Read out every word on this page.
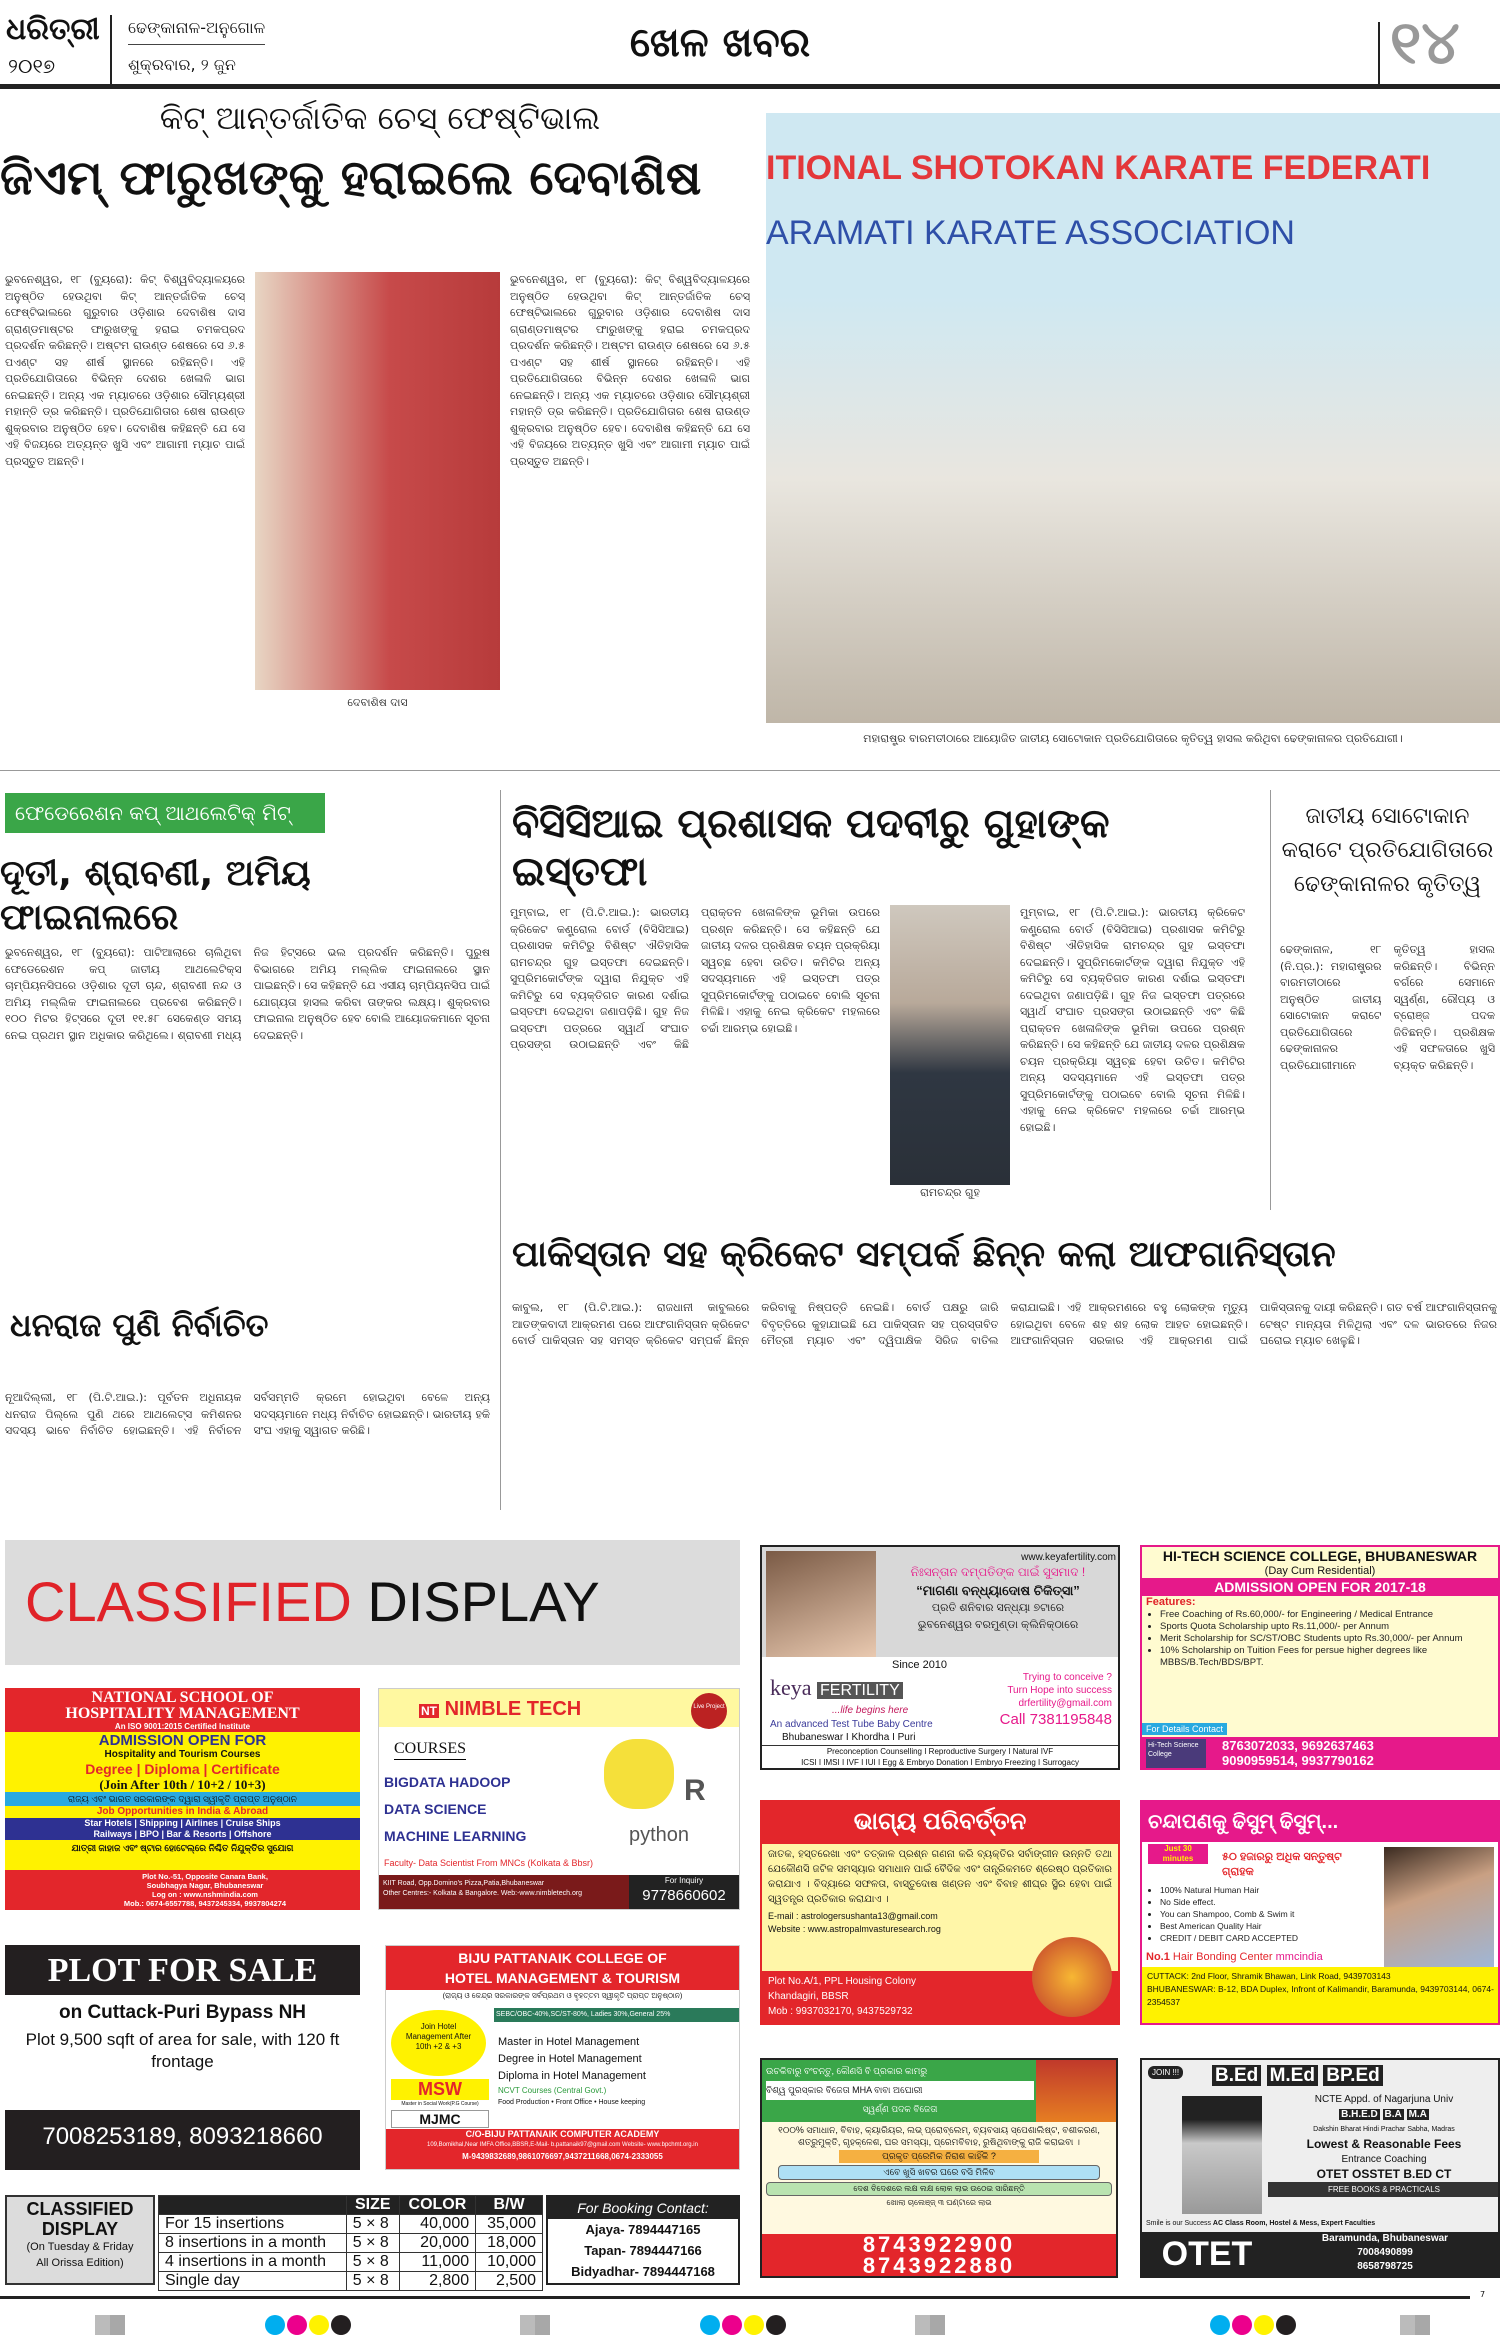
ଧରିତ୍ରୀ
୨୦୧୭
ଢେଙ୍କାନାଳ-ଅନୁଗୋଳ
ଶୁକ୍ରବାର, ୨ ଜୁନ	ଖେଳ ଖବର	୧୪
କିଟ୍ ଆନ୍ତର୍ଜାତିକ ଚେସ୍ ଫେଷ୍ଟିଭାଲ
ଜିଏମ୍ ଫାରୁଖଙ୍କୁ ହରାଇଲେ ଦେବାଶିଷ
ଭୁବନେଶ୍ୱର, ୧୮ (ବ୍ୟୁରୋ): କିଟ୍ ବିଶ୍ୱବିଦ୍ୟାଳୟରେ ଅନୁଷ୍ଠିତ ହେଉଥିବା କିଟ୍ ଆନ୍ତର୍ଜାତିକ ଚେସ୍ ଫେଷ୍ଟିଭାଲରେ ଗୁରୁବାର ଓଡ଼ିଶାର ଦେବାଶିଷ ଦାସ ଗ୍ରାଣ୍ଡମାଷ୍ଟର ଫାରୁଖଙ୍କୁ ହରାଇ ଚମକପ୍ରଦ ପ୍ରଦର୍ଶନ କରିଛନ୍ତି। ଅଷ୍ଟମ ରାଉଣ୍ଡ ଶେଷରେ ସେ ୬.୫ ପଏଣ୍ଟ ସହ ଶୀର୍ଷ ସ୍ଥାନରେ ରହିଛନ୍ତି। ଏହି ପ୍ରତିଯୋଗିତାରେ ବିଭିନ୍ନ ଦେଶର ଖେଳାଳି ଭାଗ ନେଇଛନ୍ତି। ଅନ୍ୟ ଏକ ମ୍ୟାଚରେ ଓଡ଼ିଶାର ସୌମ୍ୟଶ୍ରୀ ମହାନ୍ତି ଡ୍ର କରିଛନ୍ତି। ପ୍ରତିଯୋଗିତାର ଶେଷ ରାଉଣ୍ଡ ଶୁକ୍ରବାର ଅନୁଷ୍ଠିତ ହେବ। ଦେବାଶିଷ କହିଛନ୍ତି ଯେ ସେ ଏହି ବିଜୟରେ ଅତ୍ୟନ୍ତ ଖୁସି ଏବଂ ଆଗାମୀ ମ୍ୟାଚ ପାଇଁ ପ୍ରସ୍ତୁତ ଅଛନ୍ତି।
ଦେବାଶିଷ ଦାସ
ଭୁବନେଶ୍ୱର, ୧୮ (ବ୍ୟୁରୋ): କିଟ୍ ବିଶ୍ୱବିଦ୍ୟାଳୟରେ ଅନୁଷ୍ଠିତ ହେଉଥିବା କିଟ୍ ଆନ୍ତର୍ଜାତିକ ଚେସ୍ ଫେଷ୍ଟିଭାଲରେ ଗୁରୁବାର ଓଡ଼ିଶାର ଦେବାଶିଷ ଦାସ ଗ୍ରାଣ୍ଡମାଷ୍ଟର ଫାରୁଖଙ୍କୁ ହରାଇ ଚମକପ୍ରଦ ପ୍ରଦର୍ଶନ କରିଛନ୍ତି। ଅଷ୍ଟମ ରାଉଣ୍ଡ ଶେଷରେ ସେ ୬.୫ ପଏଣ୍ଟ ସହ ଶୀର୍ଷ ସ୍ଥାନରେ ରହିଛନ୍ତି। ଏହି ପ୍ରତିଯୋଗିତାରେ ବିଭିନ୍ନ ଦେଶର ଖେଳାଳି ଭାଗ ନେଇଛନ୍ତି। ଅନ୍ୟ ଏକ ମ୍ୟାଚରେ ଓଡ଼ିଶାର ସୌମ୍ୟଶ୍ରୀ ମହାନ୍ତି ଡ୍ର କରିଛନ୍ତି। ପ୍ରତିଯୋଗିତାର ଶେଷ ରାଉଣ୍ଡ ଶୁକ୍ରବାର ଅନୁଷ୍ଠିତ ହେବ। ଦେବାଶିଷ କହିଛନ୍ତି ଯେ ସେ ଏହି ବିଜୟରେ ଅତ୍ୟନ୍ତ ଖୁସି ଏବଂ ଆଗାମୀ ମ୍ୟାଚ ପାଇଁ ପ୍ରସ୍ତୁତ ଅଛନ୍ତି।
ITIONAL SHOTOKAN KARATE FEDERATI
ARAMATI KARATE ASSOCIATION
ମହାରାଷ୍ଟ୍ର ବାରମତୀଠାରେ ଆୟୋଜିତ ଜାତୀୟ ସୋଟୋକାନ ପ୍ରତିଯୋଗିତାରେ କୃତିତ୍ୱ ହାସଲ କରିଥିବା ଢେଙ୍କାନାଳର ପ୍ରତିଯୋଗୀ।
ଫେଡେରେଶନ କପ୍ ଆଥଲେଟିକ୍ ମିଟ୍
ଦୂତୀ, ଶ୍ରାବଣୀ, ଅମିୟ ଫାଇନାଲରେ
ଭୁବନେଶ୍ୱର, ୧୮ (ବ୍ୟୁରୋ): ପାଟିଆଲାରେ ଚାଲିଥିବା ଫେଡେରେଶନ କପ୍ ଜାତୀୟ ଆଥଲେଟିକ୍ସ ଚାମ୍ପିୟନସିପରେ ଓଡ଼ିଶାର ଦୂତୀ ଚାନ୍ଦ, ଶ୍ରାବଣୀ ନନ୍ଦ ଓ ଅମିୟ ମଲ୍ଲିକ ଫାଇନାଲରେ ପ୍ରବେଶ କରିଛନ୍ତି। ୧୦୦ ମିଟର ହିଟ୍ସରେ ଦୂତୀ ୧୧.୫୮ ସେକେଣ୍ଡ ସମୟ ନେଇ ପ୍ରଥମ ସ୍ଥାନ ଅଧିକାର କରିଥିଲେ। ଶ୍ରାବଣୀ ମଧ୍ୟ ନିଜ ହିଟ୍ସରେ ଭଲ ପ୍ରଦର୍ଶନ କରିଛନ୍ତି। ପୁରୁଷ ବିଭାଗରେ ଅମିୟ ମଲ୍ଲିକ ଫାଇନାଲରେ ସ୍ଥାନ ପାଇଛନ୍ତି। ସେ କହିଛନ୍ତି ଯେ ଏସୀୟ ଚାମ୍ପିୟନସିପ ପାଇଁ ଯୋଗ୍ୟତା ହାସଲ କରିବା ତାଙ୍କର ଲକ୍ଷ୍ୟ। ଶୁକ୍ରବାର ଫାଇନାଲ ଅନୁଷ୍ଠିତ ହେବ ବୋଲି ଆୟୋଜକମାନେ ସୂଚନା ଦେଇଛନ୍ତି।
ଧନରାଜ ପୁଣି ନିର୍ବାଚିତ
ନୂଆଦିଲ୍ଲୀ, ୧୮ (ପି.ଟି.ଆଇ.): ପୂର୍ବତନ ଅଧିନାୟକ ଧନରାଜ ପିଲ୍ଲେ ପୁଣି ଥରେ ଆଥଲେଟ୍ସ କମିଶନର ସଦସ୍ୟ ଭାବେ ନିର୍ବାଚିତ ହୋଇଛନ୍ତି। ଏହି ନିର୍ବାଚନ ସର୍ବସମ୍ମତି କ୍ରମେ ହୋଇଥିବା ବେଳେ ଅନ୍ୟ ସଦସ୍ୟମାନେ ମଧ୍ୟ ନିର୍ବାଚିତ ହୋଇଛନ୍ତି। ଭାରତୀୟ ହକି ସଂଘ ଏହାକୁ ସ୍ୱାଗତ କରିଛି।
ବିସିସିଆଇ ପ୍ରଶାସକ ପଦବୀରୁ ଗୁହାଙ୍କ ଇସ୍ତଫା
ମୁମ୍ବାଇ, ୧୮ (ପି.ଟି.ଆଇ.): ଭାରତୀୟ କ୍ରିକେଟ କଣ୍ଟ୍ରୋଲ ବୋର୍ଡ (ବିସିସିଆଇ) ପ୍ରଶାସକ କମିଟିରୁ ବିଶିଷ୍ଟ ଐତିହାସିକ ରାମଚନ୍ଦ୍ର ଗୁହ ଇସ୍ତଫା ଦେଇଛନ୍ତି। ସୁପ୍ରିମକୋର୍ଟଙ୍କ ଦ୍ୱାରା ନିଯୁକ୍ତ ଏହି କମିଟିରୁ ସେ ବ୍ୟକ୍ତିଗତ କାରଣ ଦର୍ଶାଇ ଇସ୍ତଫା ଦେଇଥିବା ଜଣାପଡ଼ିଛି। ଗୁହ ନିଜ ଇସ୍ତଫା ପତ୍ରରେ ସ୍ୱାର୍ଥ ସଂଘାତ ପ୍ରସଙ୍ଗ ଉଠାଇଛନ୍ତି ଏବଂ କିଛି ପ୍ରାକ୍ତନ ଖେଳାଳିଙ୍କ ଭୂମିକା ଉପରେ ପ୍ରଶ୍ନ କରିଛନ୍ତି। ସେ କହିଛନ୍ତି ଯେ ଜାତୀୟ ଦଳର ପ୍ରଶିକ୍ଷକ ଚୟନ ପ୍ରକ୍ରିୟା ସ୍ୱଚ୍ଛ ହେବା ଉଚିତ। କମିଟିର ଅନ୍ୟ ସଦସ୍ୟମାନେ ଏହି ଇସ୍ତଫା ପତ୍ର ସୁପ୍ରିମକୋର୍ଟଙ୍କୁ ପଠାଇବେ ବୋଲି ସୂଚନା ମିଳିଛି। ଏହାକୁ ନେଇ କ୍ରିକେଟ ମହଲରେ ଚର୍ଚ୍ଚା ଆରମ୍ଭ ହୋଇଛି।
ରାମଚନ୍ଦ୍ର ଗୁହ
ମୁମ୍ବାଇ, ୧୮ (ପି.ଟି.ଆଇ.): ଭାରତୀୟ କ୍ରିକେଟ କଣ୍ଟ୍ରୋଲ ବୋର୍ଡ (ବିସିସିଆଇ) ପ୍ରଶାସକ କମିଟିରୁ ବିଶିଷ୍ଟ ଐତିହାସିକ ରାମଚନ୍ଦ୍ର ଗୁହ ଇସ୍ତଫା ଦେଇଛନ୍ତି। ସୁପ୍ରିମକୋର୍ଟଙ୍କ ଦ୍ୱାରା ନିଯୁକ୍ତ ଏହି କମିଟିରୁ ସେ ବ୍ୟକ୍ତିଗତ କାରଣ ଦର୍ଶାଇ ଇସ୍ତଫା ଦେଇଥିବା ଜଣାପଡ଼ିଛି। ଗୁହ ନିଜ ଇସ୍ତଫା ପତ୍ରରେ ସ୍ୱାର୍ଥ ସଂଘାତ ପ୍ରସଙ୍ଗ ଉଠାଇଛନ୍ତି ଏବଂ କିଛି ପ୍ରାକ୍ତନ ଖେଳାଳିଙ୍କ ଭୂମିକା ଉପରେ ପ୍ରଶ୍ନ କରିଛନ୍ତି। ସେ କହିଛନ୍ତି ଯେ ଜାତୀୟ ଦଳର ପ୍ରଶିକ୍ଷକ ଚୟନ ପ୍ରକ୍ରିୟା ସ୍ୱଚ୍ଛ ହେବା ଉଚିତ। କମିଟିର ଅନ୍ୟ ସଦସ୍ୟମାନେ ଏହି ଇସ୍ତଫା ପତ୍ର ସୁପ୍ରିମକୋର୍ଟଙ୍କୁ ପଠାଇବେ ବୋଲି ସୂଚନା ମିଳିଛି। ଏହାକୁ ନେଇ କ୍ରିକେଟ ମହଲରେ ଚର୍ଚ୍ଚା ଆରମ୍ଭ ହୋଇଛି।
ଜାତୀୟ ସୋଟୋକାନ କରାଟେ ପ୍ରତିଯୋଗିତାରେ ଢେଙ୍କାନାଳର କୃତିତ୍ୱ
ଢେଙ୍କାନାଳ, ୧୮ (ନି.ପ୍ର.): ମହାରାଷ୍ଟ୍ରର ବାରମତୀଠାରେ ଅନୁଷ୍ଠିତ ଜାତୀୟ ସୋଟୋକାନ କରାଟେ ପ୍ରତିଯୋଗିତାରେ ଢେଙ୍କାନାଳର ପ୍ରତିଯୋଗୀମାନେ କୃତିତ୍ୱ ହାସଲ କରିଛନ୍ତି। ବିଭିନ୍ନ ବର୍ଗରେ ସେମାନେ ସ୍ୱର୍ଣ୍ଣ, ରୌପ୍ୟ ଓ ବ୍ରୋଞ୍ଜ ପଦକ ଜିତିଛନ୍ତି। ପ୍ରଶିକ୍ଷକ ଏହି ସଫଳତାରେ ଖୁସି ବ୍ୟକ୍ତ କରିଛନ୍ତି।
ପାକିସ୍ତାନ ସହ କ୍ରିକେଟ ସମ୍ପର୍କ ଛିନ୍ନ କଲା ଆଫଗାନିସ୍ତାନ
କାବୁଲ, ୧୮ (ପି.ଟି.ଆଇ.): ରାଜଧାନୀ କାବୁଲରେ ଆତଙ୍କବାଦୀ ଆକ୍ରମଣ ପରେ ଆଫଗାନିସ୍ତାନ କ୍ରିକେଟ ବୋର୍ଡ ପାକିସ୍ତାନ ସହ ସମସ୍ତ କ୍ରିକେଟ ସମ୍ପର୍କ ଛିନ୍ନ କରିବାକୁ ନିଷ୍ପତ୍ତି ନେଇଛି। ବୋର୍ଡ ପକ୍ଷରୁ ଜାରି ବିବୃତ୍ତିରେ କୁହାଯାଇଛି ଯେ ପାକିସ୍ତାନ ସହ ପ୍ରସ୍ତାବିତ ମୈତ୍ରୀ ମ୍ୟାଚ ଏବଂ ଦ୍ୱିପାକ୍ଷିକ ସିରିଜ ବାତିଲ କରାଯାଇଛି। ଏହି ଆକ୍ରମଣରେ ବହୁ ଲୋକଙ୍କ ମୃତ୍ୟୁ ହୋଇଥିବା ବେଳେ ଶହ ଶହ ଲୋକ ଆହତ ହୋଇଛନ୍ତି। ଆଫଗାନିସ୍ତାନ ସରକାର ଏହି ଆକ୍ରମଣ ପାଇଁ ପାକିସ୍ତାନକୁ ଦାୟୀ କରିଛନ୍ତି। ଗତ ବର୍ଷ ଆଫଗାନିସ୍ତାନକୁ ଟେଷ୍ଟ ମାନ୍ୟତା ମିଳିଥିଲା ଏବଂ ଦଳ ଭାରତରେ ନିଜର ଘରୋଇ ମ୍ୟାଚ ଖେଳୁଛି।
CLASSIFIED DISPLAY
www.keyafertility.com
ନିଃସନ୍ତାନ ଦମ୍ପତିଙ୍କ ପାଇଁ ସୁସମାଦ !
“ମାଗଣା ବନ୍ଧ୍ୟାଦୋଷ ଚିକିତ୍ସା”
ପ୍ରତି ଶନିବାର ସନ୍ଧ୍ୟା ୭ଟାରେ
ଭୁବନେଶ୍ୱର ବରମୁଣ୍ଡା କ୍ଲିନିକ୍‌ଠାରେ
Since 2010
keya FERTILITY
...life begins here
An advanced Test Tube Baby Centre
Bhubaneswar I Khordha I Puri
Trying to conceive ?
Turn Hope into success
drfertility@gmail.com
Call 7381195848
Preconception Counselling I Reproductive Surgery I Natural IVF
ICSI I IMSI I IVF I IUI I Egg & Embryo Donation I Embryo Freezing I Surrogacy
HI-TECH SCIENCE COLLEGE, BHUBANESWAR
(Day Cum Residential)
ADMISSION OPEN FOR 2017-18
Features:
• Free Coaching of Rs.60,000/- for Engineering / Medical Entrance
• Sports Quota Scholarship upto Rs.11,000/- per Annum
• Merit Scholarship for SC/ST/OBC Students upto Rs.30,000/- per Annum
• 10% Scholarship on Tuition Fees for persue higher degrees like MBBS/B.Tech/BDS/BPT.
For Details Contact
Hi-Tech Science College
8763072033, 9692637463
9090959514, 9937790162
NATIONAL SCHOOL OF
HOSPITALITY MANAGEMENT
An ISO 9001:2015 Certified Institute
ADMISSION OPEN FOR
Hospitality and Tourism Courses
Degree | Diploma | Certificate
(Join After 10th / 10+2 / 10+3)
ରାଜ୍ୟ ଏବଂ ଭାରତ ସରକାରଙ୍କ ଦ୍ୱାରା ସ୍ୱୀକୃତି ପ୍ରାପ୍ତ ଅନୁଷ୍ଠାନ
Job Opportunities in India & Abroad
Star Hotels | Shipping | Airlines | Cruise Ships
Railways | BPO | Bar & Resorts | Offshore
ଯାତ୍ରୀ ଜାହାଜ ଏବଂ ଷ୍ଟାର ହୋଟେଲ୍‌ରେ ନିଶ୍ଚିତ ନିଯୁକ୍ତିର ସୁଯୋଗ
Plot No.-51, Opposite Canara Bank,
Soubhagya Nagar, Bhubaneswar
Log on : www.nshmindia.com
Mob.: 0674-6557788, 9437245334, 9937804274
NT NIMBLE TECH	Live Project
COURSES
BIGDATA HADOOP
DATA SCIENCE
MACHINE LEARNING
R
python
Faculty- Data Scientist From MNCs (Kolkata & Bbsr)
KIIT Road, Opp.Domino's Pizza,Patia,Bhubaneswar
Other Centres:- Kolkata & Bangalore. Web:-www.nimbletech.org
For Inquiry
9778660602
ଭାଗ୍ୟ ପରିବର୍ତ୍ତନ
ଜାତକ, ହସ୍ତରେଖା ଏବଂ ତତ୍କାଳ ପ୍ରଶ୍ନ ଗଣନା କରି ବ୍ୟକ୍ତିର ସର୍ବାଙ୍ଗୀନ ଉନ୍ନତି ତଥା ଯେକୌଣସି ଜଟିଳ ସମସ୍ୟାର ସମାଧାନ ପାଇଁ ବୈଦିକ ଏବଂ ତାନ୍ତ୍ରିକମତେ ଶ୍ରେଷ୍ଠ ପ୍ରତିକାର କରାଯାଏ । ବିଦ୍ୟାରେ ସଫଳତା, ବାସ୍ତୁଦୋଷ ଖଣ୍ଡନ ଏବଂ ବିବାହ ଶୀଘ୍ର ସ୍ଥିର ହେବା ପାଇଁ ସ୍ୱତନ୍ତ୍ର ପ୍ରତିକାର କରାଯାଏ ।
E-mail : astrologersushanta13@gmail.com
Website : www.astropalmvasturesearch.rog
Plot No.A/1, PPL Housing Colony
Khandagiri, BBSR
Mob : 9937032170, 9437529732
ଚନ୍ଦାପଣକୁ ଢିସୁମ୍ ଢିସୁମ୍...
Just 30 minutes	୫୦ ହଜାରରୁ ଅଧିକ ସନ୍ତୁଷ୍ଟ ଗ୍ରାହକ
• 100% Natural Human Hair
• No Side effect.
• You can Shampoo, Comb & Swim it
• Best American Quality Hair
• CREDIT / DEBIT CARD ACCEPTED
No.1 Hair Bonding Center mmcindia
CUTTACK: 2nd Floor, Shramik Bhawan, Link Road, 9439703143
BHUBANESWAR: B-12, BDA Duplex, Infront of Kalimandir, Baramunda, 9439703144, 0674-2354537
PLOT FOR SALE
on Cuttack-Puri Bypass NH
Plot 9,500 sqft of area for sale, with 120 ft frontage
7008253189, 8093218660
BIJU PATTANAIK COLLEGE OF
HOTEL MANAGEMENT & TOURISM
(ରାଜ୍ୟ ଓ କେନ୍ଦ୍ର ସରକାରଙ୍କ ସର୍ବପ୍ରଥମ ଓ ବୃହତ୍ତମ ସ୍ୱୀକୃତି ପ୍ରାପ୍ତ ଅନୁଷ୍ଠାନ)
SEBC/OBC-40%,SC/ST-80%, Ladies 30%,General 25%
Join Hotel Management After 10th +2 & +3
MSW
Master in Social Work(P.G Course)
MJMC
Master in Hotel Management
Degree in Hotel Management
Diploma in Hotel Management
NCVT Courses (Central Govt.)
Food Production • Front Office • House keeping
C/O-BIJU PATTANAIK COMPUTER ACADEMY
109,Bomikhal,Near IMFA Office,BBSR,E-Mail- b.pattanaik97@gmail.com Website- www.bpchmt.org.in
M-9439832689,9861076697,9437211668,0674-2333055
ଉଚକିବାରୁ ବଂଚନ୍ତୁ, କୌଣସି ବି ପ୍ରକାର କାମରୁ
ବିଶ୍ୱ ପୁରସ୍କାର ବିଜେତା MHA ବାବା ଅଘୋରୀ
ସ୍ୱର୍ଣ୍ଣ ପଦକ ବିଜେତା
୧୦୦% ସମାଧାନ, ବିବାହ, କ୍ୟାରିୟର, ଲଭ୍ ପ୍ରୋବ୍ଲେମ୍, ବ୍ୟବସାୟ ସ୍ପେଶାଲିଷ୍ଟ, ବଶୀକରଣ, ଶତ୍ରୁମୁକ୍ତି, ଗୃହକ୍ଳେଶ, ଘର ସମସ୍ୟା, ପ୍ରେମବିବାହ, ରୁଷିଥିବାଙ୍କୁ ରାଜି କରାଇବା ।
ପ୍ରକୃତ ପ୍ରେମିକ ନିରାଶ କାହିଁକି ?
ଏବେ ଖୁସି ଖବର ଘରେ ବସି ମିଳିବ
ଦେଶ ବିଦେଶରେ ଲକ୍ଷ ଲକ୍ଷ ଲୋକ ଲାଭ ଉଠେଇ ସାରିଛନ୍ତି
ଖୋଲା ଚାଲେଞ୍ଜ୍ ୩ ଘଣ୍ଟାରେ ଲାଭ
8743922900
8743922880
JOIN !!! B.Ed M.Ed BP.Ed
NCTE Appd. of Nagarjuna Univ
B.H.E.D B.A M.A
Dakshin Bharat Hindi Prachar Sabha, Madras
Lowest & Reasonable Fees
Entrance Coaching
OTET OSSTET B.ED CT
FREE BOOKS & PRACTICALS
Smile is our Success AC Class Room, Hostel & Mess, Expert Faculties
OTET	Baramunda, Bhubaneswar
7008490899
8658798725
CLASSIFIED
DISPLAY
(On Tuesday & Friday
All Orissa Edition)
	SIZE	COLOR	B/W
For 15 insertions	5 × 8	40,000	35,000
8 insertions in a month	5 × 8	20,000	18,000
4 insertions in a month	5 × 8	11,000	10,000
Single day	5 × 8	2,800	2,500
For Booking Contact:
Ajaya- 7894447165
Tapan- 7894447166
Bidyadhar- 7894447168
7
